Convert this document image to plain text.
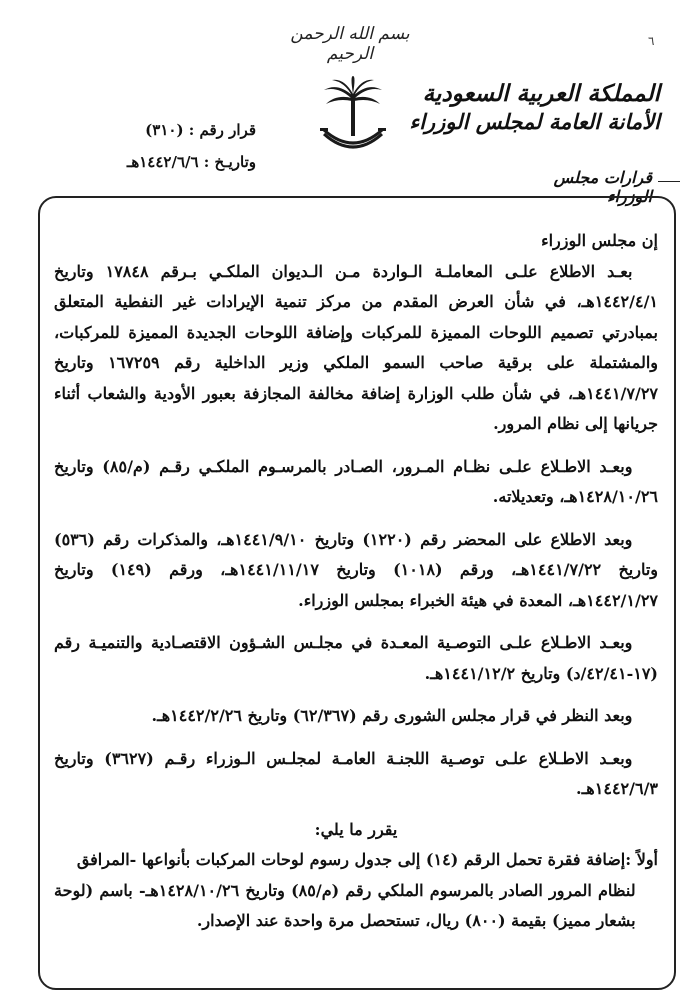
بسم الله الرحمن الرحيم
٦
المملكة العربية السعودية
الأمانة العامة لمجلس الوزراء
قرارات مجلس الوزراء
قرار رقم : (٣١٠)
وتاريـخ : ١٤٤٢/٦/٦هـ

إن مجلس الوزراء

بعـد الاطلاع علـى المعاملـة الـواردة مـن الـديوان الملكـي بـرقم ١٧٨٤٨ وتاريخ ١٤٤٢/٤/١هـ، في شأن العرض المقدم من مركز تنمية الإيرادات غير النفطية المتعلق بمبادرتي تصميم اللوحات المميزة للمركبات وإضافة اللوحات الجديدة المميزة للمركبات، والمشتملة على برقية صاحب السمو الملكي وزير الداخلية رقم ١٦٧٢٥٩ وتاريخ ١٤٤١/٧/٢٧هـ، في شأن طلب الوزارة إضافة مخالفة المجازفة بعبور الأودية والشعاب أثناء جريانها إلى نظام المرور.

وبعـد الاطـلاع علـى نظـام المـرور، الصـادر بالمرسـوم الملكـي رقـم (م/٨٥) وتاريخ ١٤٢٨/١٠/٢٦هـ، وتعديلاته.

وبعد الاطلاع على المحضر رقم (١٢٢٠) وتاريخ ١٤٤١/٩/١٠هـ، والمذكرات رقم (٥٣٦) وتاريخ ١٤٤١/٧/٢٢هـ، ورقم (١٠١٨) وتاريخ ١٤٤١/١١/١٧هـ، ورقم (١٤٩) وتاريخ ١٤٤٢/١/٢٧هـ، المعدة في هيئة الخبراء بمجلس الوزراء.

وبعـد الاطـلاع علـى التوصـية المعـدة في مجلـس الشـؤون الاقتصـادية والتنميـة رقم (١٧-٤٢/٤١/د) وتاريخ ١٤٤١/١٢/٢هـ.

وبعد النظر في قرار مجلس الشورى رقم (٦٢/٣٦٧) وتاريخ ١٤٤٢/٢/٢٦هـ.

وبعـد الاطـلاع علـى توصـية اللجنـة العامـة لمجلـس الـوزراء رقـم (٣٦٢٧) وتاريخ ١٤٤٢/٦/٣هـ.

يقرر ما يلي:

أولاً :إضافة فقرة تحمل الرقم (١٤) إلى جدول رسوم لوحات المركبات بأنواعها -المرافق

لنظام المرور الصادر بالمرسوم الملكي رقم (م/٨٥) وتاريخ ١٤٢٨/١٠/٢٦هـ- باسم (لوحة بشعار مميز) بقيمة (٨٠٠) ريال، تستحصل مرة واحدة عند الإصدار.
